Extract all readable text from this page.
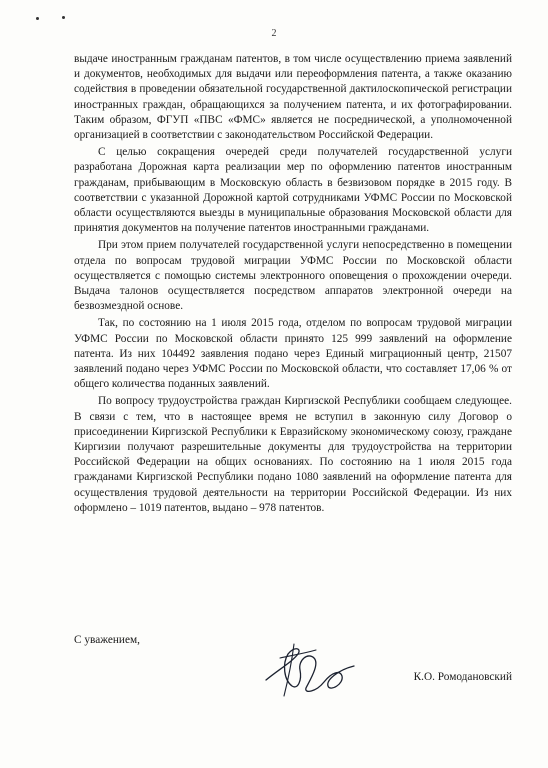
2

выдаче иностранным гражданам патентов, в том числе осуществлению приема заявлений и документов, необходимых для выдачи или переоформления патента, а также оказанию содействия в проведении обязательной государственной дактилоскопической регистрации иностранных граждан, обращающихся за получением патента, и их фотографировании. Таким образом, ФГУП «ПВС «ФМС» является не посреднической, а уполномоченной организацией в соответствии с законодательством Российской Федерации.

С целью сокращения очередей среди получателей государственной услуги разработана Дорожная карта реализации мер по оформлению патентов иностранным гражданам, прибывающим в Московскую область в безвизовом порядке в 2015 году. В соответствии с указанной Дорожной картой сотрудниками УФМС России по Московской области осуществляются выезды в муниципальные образования Московской области для принятия документов на получение патентов иностранными гражданами.

При этом прием получателей государственной услуги непосредственно в помещении отдела по вопросам трудовой миграции УФМС России по Московской области осуществляется с помощью системы электронного оповещения о прохождении очереди. Выдача талонов осуществляется посредством аппаратов электронной очереди на безвозмездной основе.

Так, по состоянию на 1 июля 2015 года, отделом по вопросам трудовой миграции УФМС России по Московской области принято 125 999 заявлений на оформление патента. Из них 104492 заявления подано через Единый миграционный центр, 21507 заявлений подано через УФМС России по Московской области, что составляет 17,06 % от общего количества поданных заявлений.

По вопросу трудоустройства граждан Киргизской Республики сообщаем следующее. В связи с тем, что в настоящее время не вступил в законную силу Договор о присоединении Киргизской Республики к Евразийскому экономическому союзу, граждане Киргизии получают разрешительные документы для трудоустройства на территории Российской Федерации на общих основаниях. По состоянию на 1 июля 2015 года гражданами Киргизской Республики подано 1080 заявлений на оформление патента для осуществления трудовой деятельности на территории Российской Федерации. Из них оформлено – 1019 патентов, выдано – 978 патентов.

С уважением,
К.О. Ромодановский
